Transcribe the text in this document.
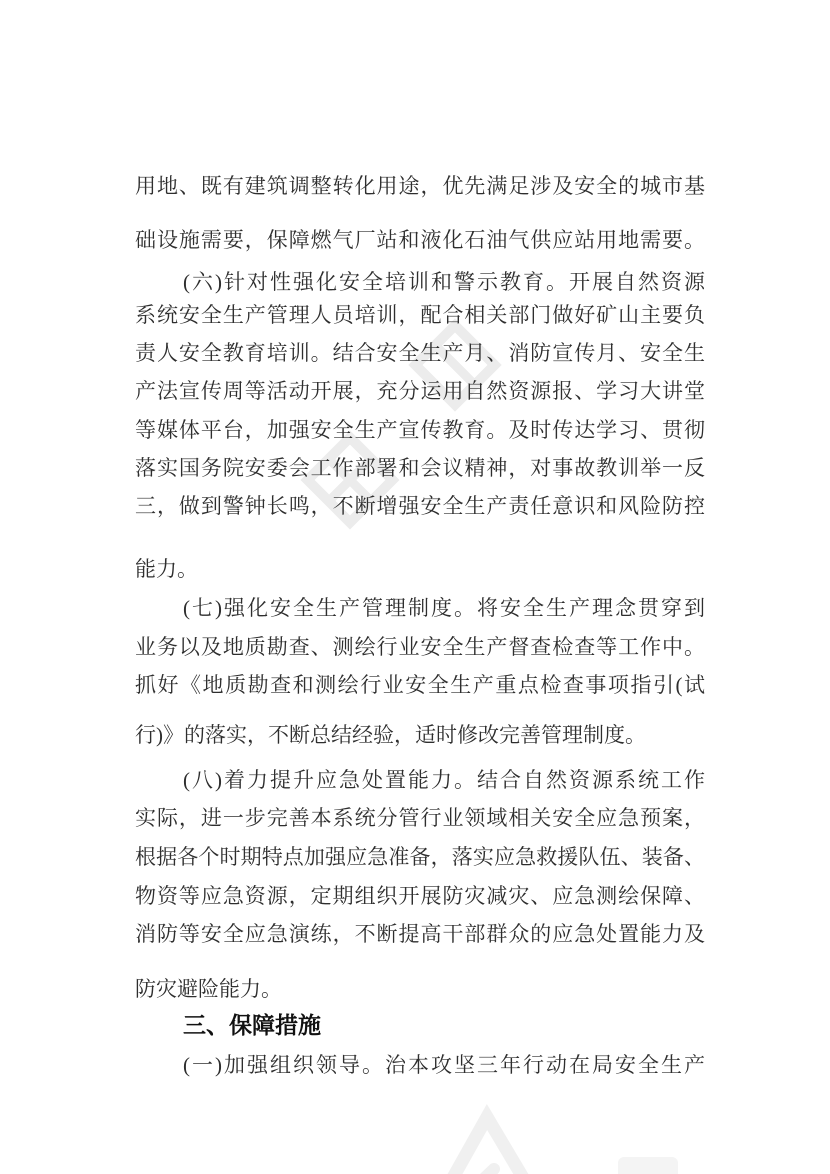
用地、既有建筑调整转化用途，优先满足涉及安全的城市基
础设施需要，保障燃气厂站和液化石油气供应站用地需要。
(六)针对性强化安全培训和警示教育。开展自然资源
系统安全生产管理人员培训，配合相关部门做好矿山主要负
责人安全教育培训。结合安全生产月、消防宣传月、安全生
产法宣传周等活动开展，充分运用自然资源报、学习大讲堂
等媒体平台，加强安全生产宣传教育。及时传达学习、贯彻
落实国务院安委会工作部署和会议精神，对事故教训举一反
三，做到警钟长鸣，不断增强安全生产责任意识和风险防控
能力。
(七)强化安全生产管理制度。将安全生产理念贯穿到
业务以及地质勘查、测绘行业安全生产督查检查等工作中。
抓好《地质勘查和测绘行业安全生产重点检查事项指引(试
行)》的落实，不断总结经验，适时修改完善管理制度。
(八)着力提升应急处置能力。结合自然资源系统工作
实际，进一步完善本系统分管行业领域相关安全应急预案，
根据各个时期特点加强应急准备，落实应急救援队伍、装备、
物资等应急资源，定期组织开展防灾减灾、应急测绘保障、
消防等安全应急演练，不断提高干部群众的应急处置能力及
防灾避险能力。
三、保障措施
(一)加强组织领导。治本攻坚三年行动在局安全生产
